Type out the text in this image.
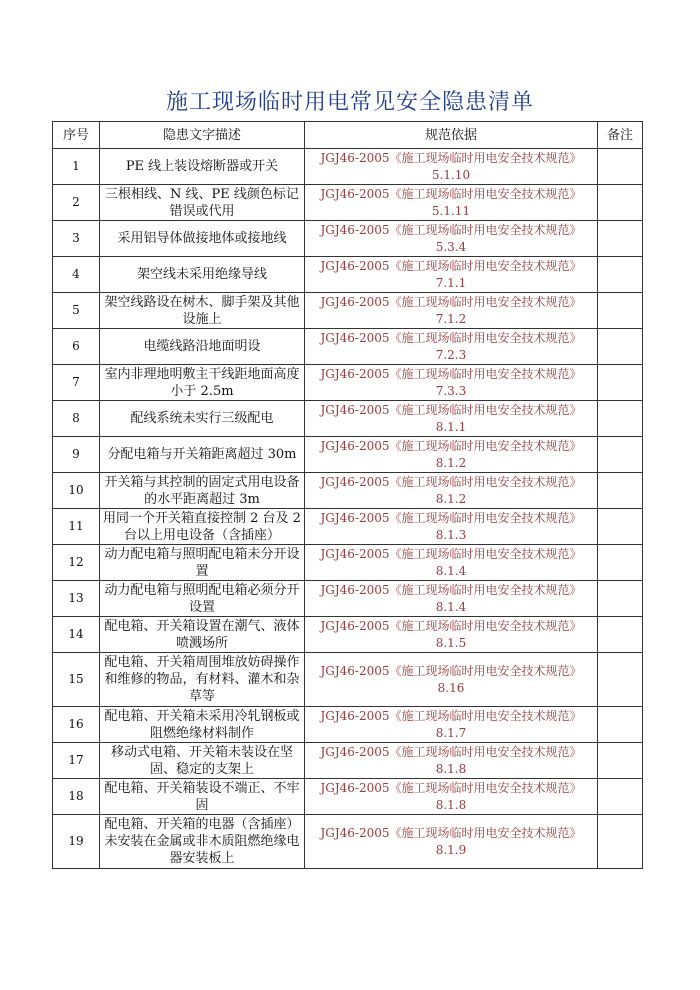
施工现场临时用电常见安全隐患清单
序号	隐患文字描述	规范依据	备注
1	PE 线上装设熔断器或开关	JGJ46-2005《施工现场临时用电安全技术规范》
5.1.10	

2	三根相线、N 线、PE 线颜色标记错误或代用	JGJ46-2005《施工现场临时用电安全技术规范》
5.1.11	

3	采用铝导体做接地体或接地线	JGJ46-2005《施工现场临时用电安全技术规范》
5.3.4	

4	架空线未采用绝缘导线	JGJ46-2005《施工现场临时用电安全技术规范》
7.1.1	

5	架空线路设在树木、脚手架及其他设施上	JGJ46-2005《施工现场临时用电安全技术规范》
7.1.2	

6	电缆线路沿地面明设	JGJ46-2005《施工现场临时用电安全技术规范》
7.2.3	

7	室内非理地明敷主干线距地面高度小于 2.5m	JGJ46-2005《施工现场临时用电安全技术规范》
7.3.3	

8	配线系统未实行三级配电	JGJ46-2005《施工现场临时用电安全技术规范》
8.1.1	

9	分配电箱与开关箱距离超过 30m	JGJ46-2005《施工现场临时用电安全技术规范》
8.1.2	

10	开关箱与其控制的固定式用电设备的水平距离超过 3m	JGJ46-2005《施工现场临时用电安全技术规范》
8.1.2	

11	用同一个开关箱直接控制 2 台及 2 台以上用电设备（含插座）	JGJ46-2005《施工现场临时用电安全技术规范》
8.1.3	

12	动力配电箱与照明配电箱未分开设置	JGJ46-2005《施工现场临时用电安全技术规范》
8.1.4	

13	动力配电箱与照明配电箱必须分开设置	JGJ46-2005《施工现场临时用电安全技术规范》
8.1.4	

14	配电箱、开关箱设置在潮气、液体喷溅场所	JGJ46-2005《施工现场临时用电安全技术规范》
8.1.5	

15	配电箱、开关箱周围堆放妨碍操作和维修的物品，有材料、灌木和杂草等	JGJ46-2005《施工现场临时用电安全技术规范》
8.16	

16	配电箱、开关箱未采用冷轧钢板或阻燃绝缘材料制作	JGJ46-2005《施工现场临时用电安全技术规范》
8.1.7	

17	移动式电箱、开关箱未装设在坚固、稳定的支架上	JGJ46-2005《施工现场临时用电安全技术规范》
8.1.8	

18	配电箱、开关箱装设不端正、不牢固	JGJ46-2005《施工现场临时用电安全技术规范》
8.1.8	

19	配电箱、开关箱的电器（含插座）未安装在金属或非木质阻燃绝缘电器安装板上	JGJ46-2005《施工现场临时用电安全技术规范》
8.1.9	
